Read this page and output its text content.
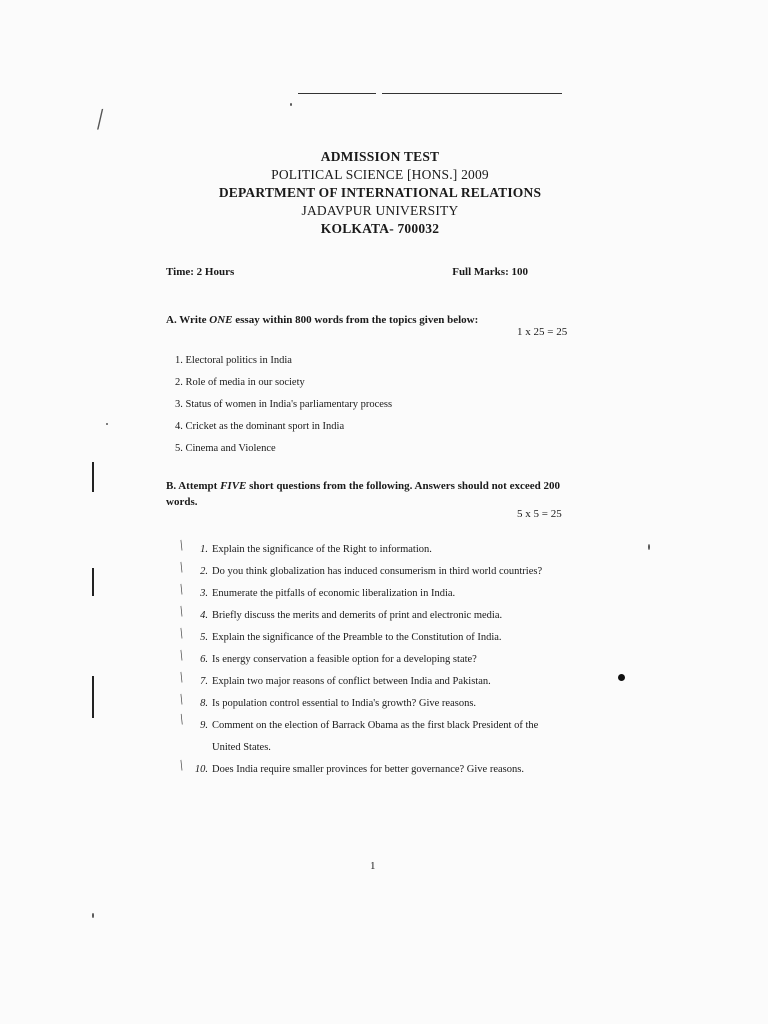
/
ADMISSION TEST
POLITICAL SCIENCE [HONS.] 2009
DEPARTMENT OF INTERNATIONAL RELATIONS
JADAVPUR UNIVERSITY
KOLKATA- 700032
Time: 2 Hours	Full Marks: 100
A. Write ONE essay within 800 words from the topics given below:
1 x 25 = 25
1. Electoral politics in India
2. Role of media in our society
3. Status of women in India's parliamentary process
4. Cricket as the dominant sport in India
5. Cinema and Violence
B. Attempt FIVE short questions from the following. Answers should not exceed 200 words.
5 x 5 = 25
/ 1. Explain the significance of the Right to information.
/ 2. Do you think globalization has induced consumerism in third world countries?
/ 3. Enumerate the pitfalls of economic liberalization in India.
/ 4. Briefly discuss the merits and demerits of print and electronic media.
/ 5. Explain the significance of the Preamble to the Constitution of India.
/ 6. Is energy conservation a feasible option for a developing state?
/ 7. Explain two major reasons of conflict between India and Pakistan.
/ 8. Is population control essential to India's growth? Give reasons.
/ 9. Comment on the election of Barrack Obama as the first black President of the
United States.
/ 10. Does India require smaller provinces for better governance? Give reasons.
1
